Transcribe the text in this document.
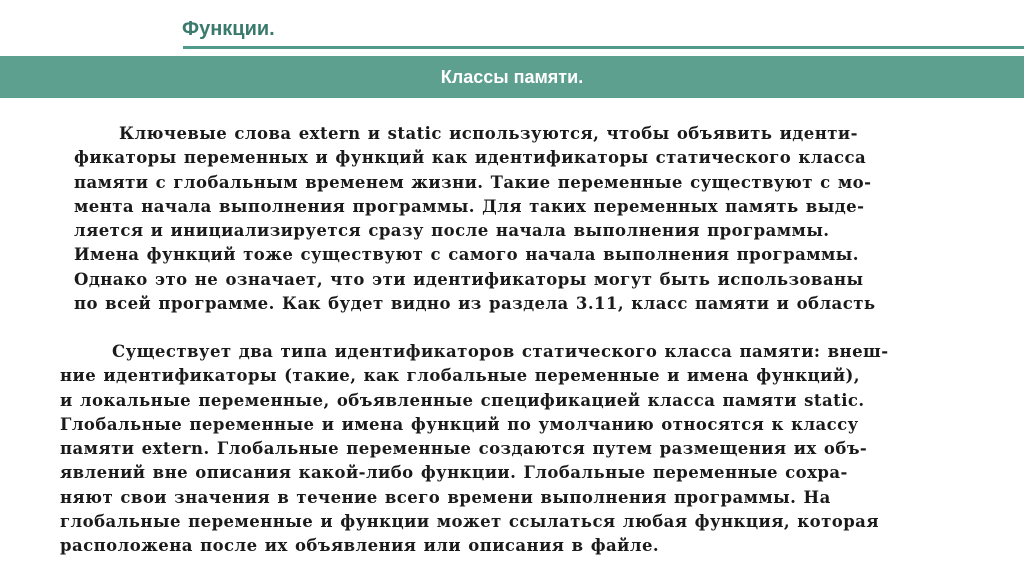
Функции.
Классы памяти.
Ключевые слова extern и static используются, чтобы объявить иденти-
фикаторы переменных и функций как идентификаторы статического класса
памяти с глобальным временем жизни. Такие переменные существуют с мо-
мента начала выполнения программы. Для таких переменных память выде-
ляется и инициализируется сразу после начала выполнения программы.
Имена функций тоже существуют с самого начала выполнения программы.
Однако это не означает, что эти идентификаторы могут быть использованы
по всей программе. Как будет видно из раздела 3.11, класс памяти и область
Существует два типа идентификаторов статического класса памяти: внеш-
ние идентификаторы (такие, как глобальные переменные и имена функций),
и локальные переменные, объявленные спецификацией класса памяти static.
Глобальные переменные и имена функций по умолчанию относятся к классу
памяти extern. Глобальные переменные создаются путем размещения их объ-
явлений вне описания какой-либо функции. Глобальные переменные сохра-
няют свои значения в течение всего времени выполнения программы. На
глобальные переменные и функции может ссылаться любая функция, которая
расположена после их объявления или описания в файле.
